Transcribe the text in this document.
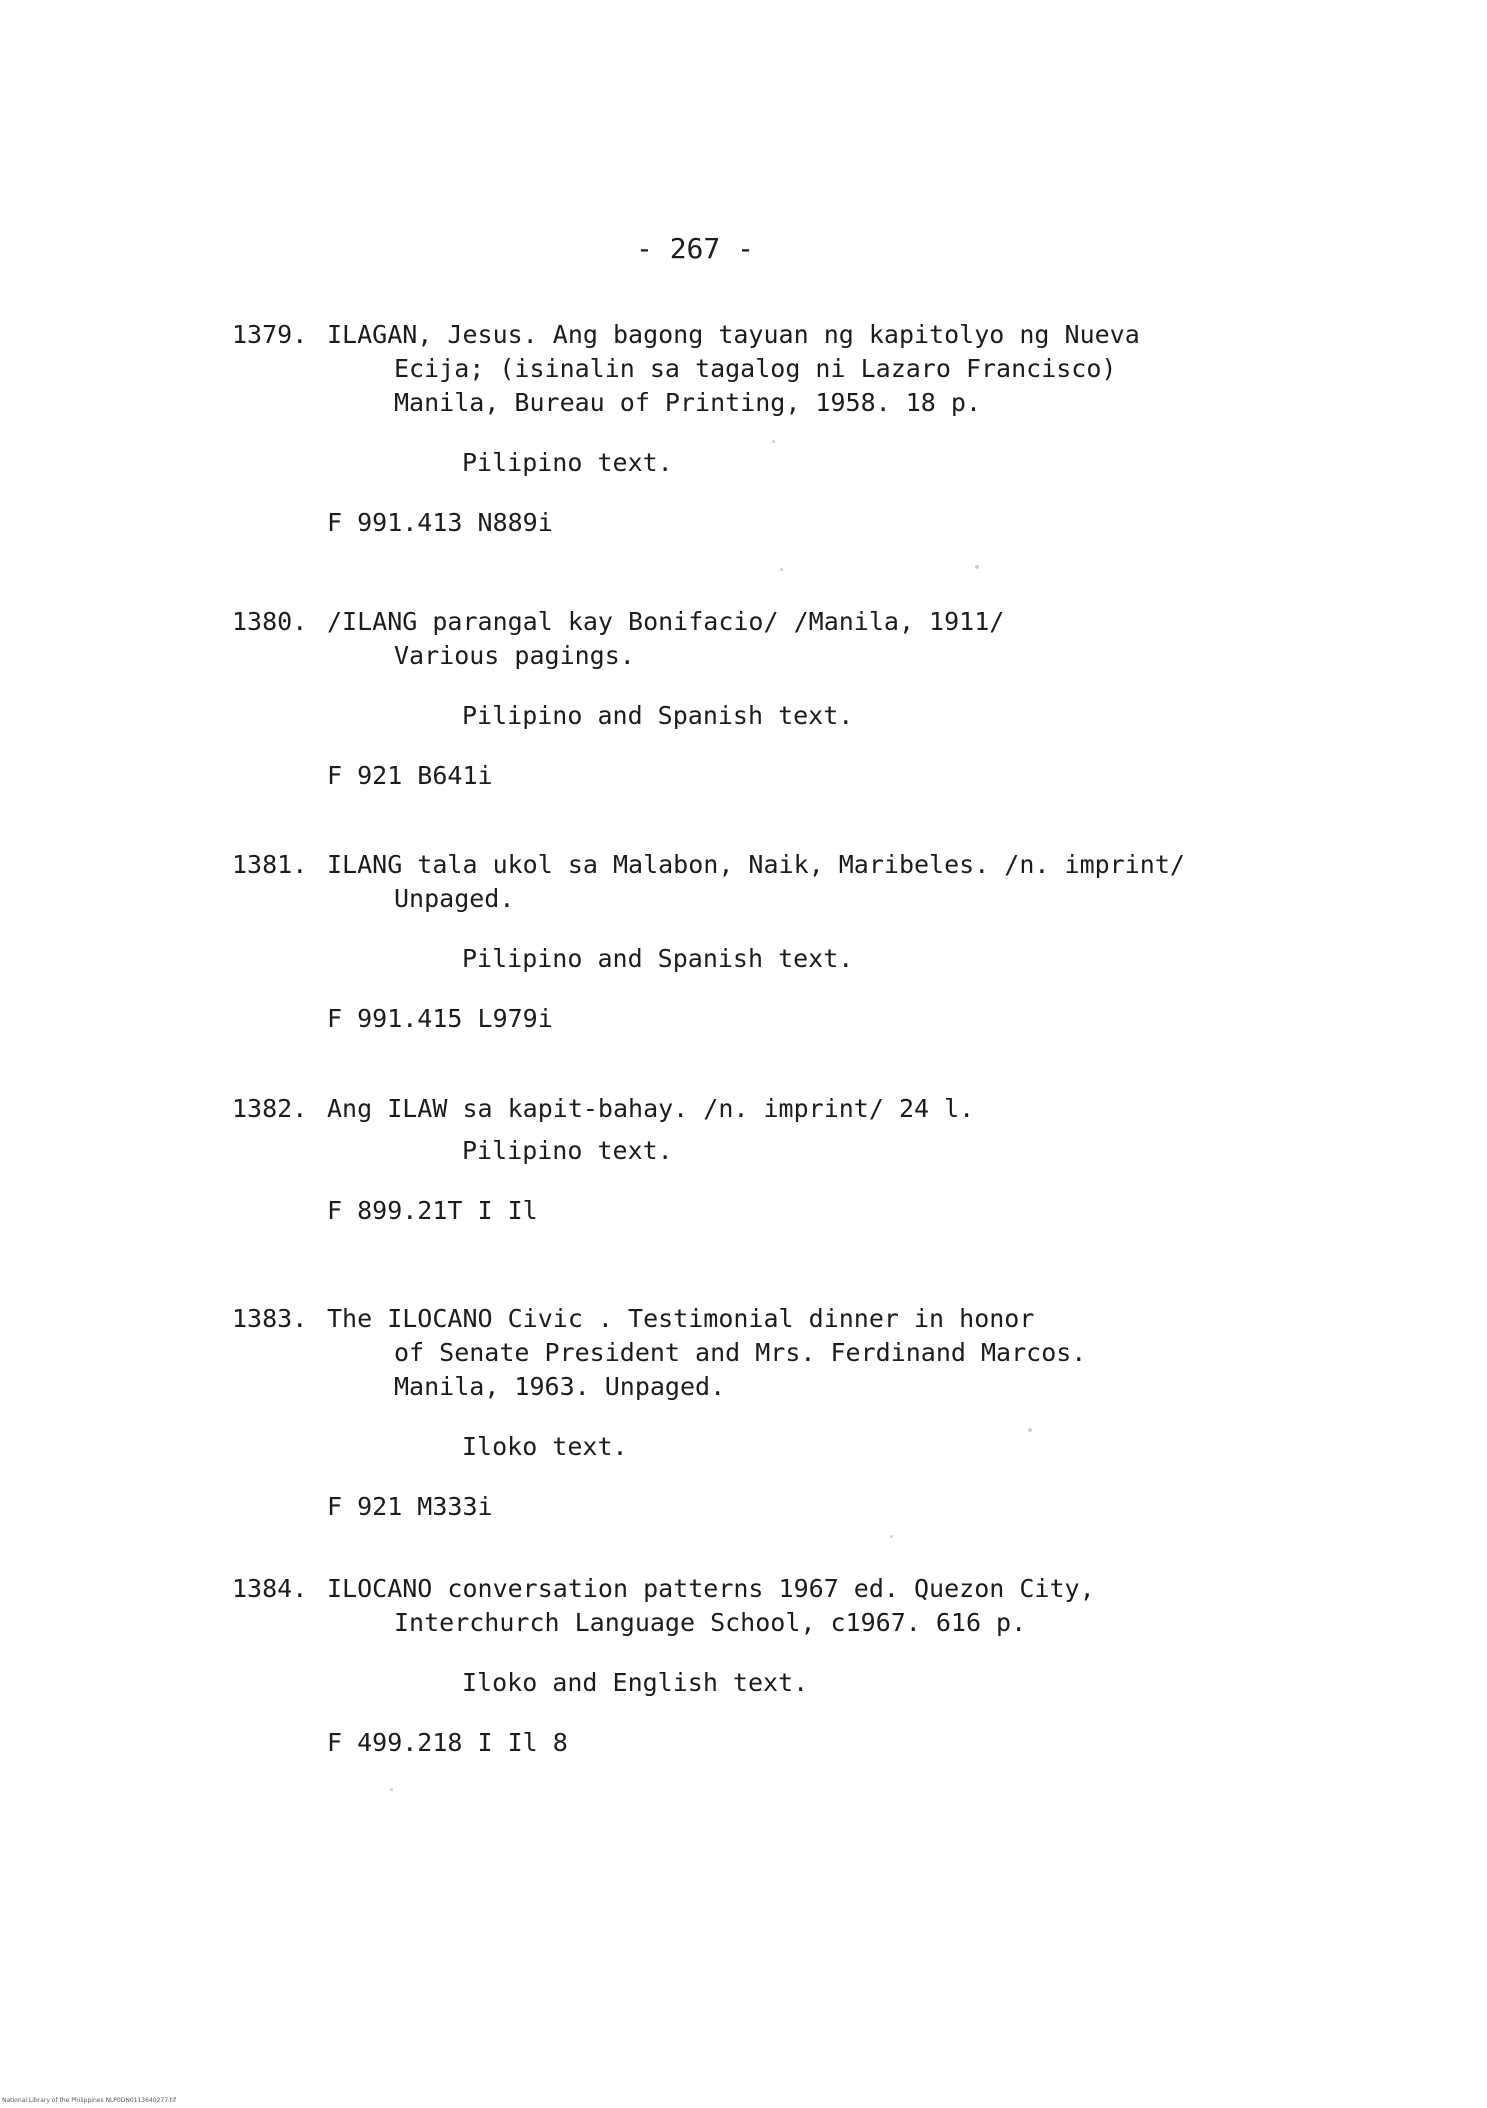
- 267 -
1379. ILAGAN, Jesus. Ang bagong tayuan ng kapitolyo ng Nueva
Ecija; (isinalin sa tagalog ni Lazaro Francisco)
Manila, Bureau of Printing, 1958. 18 p.
Pilipino text.
F 991.413 N889i
1380. /ILANG parangal kay Bonifacio/ /Manila, 1911/
Various pagings.
Pilipino and Spanish text.
F 921 B641i
1381. ILANG tala ukol sa Malabon, Naik, Maribeles. /n. imprint/
Unpaged.
Pilipino and Spanish text.
F 991.415 L979i
1382. Ang ILAW sa kapit-bahay. /n. imprint/ 24 l.
Pilipino text.
F 899.21T I Il
1383. The ILOCANO Civic . Testimonial dinner in honor
of Senate President and Mrs. Ferdinand Marcos.
Manila, 1963. Unpaged.
Iloko text.
F 921 M333i
1384. ILOCANO conversation patterns 1967 ed. Quezon City,
Interchurch Language School, c1967. 616 p.
Iloko and English text.
F 499.218 I Il 8
National Library of the Philippines NLP0DN0113640277.tif
